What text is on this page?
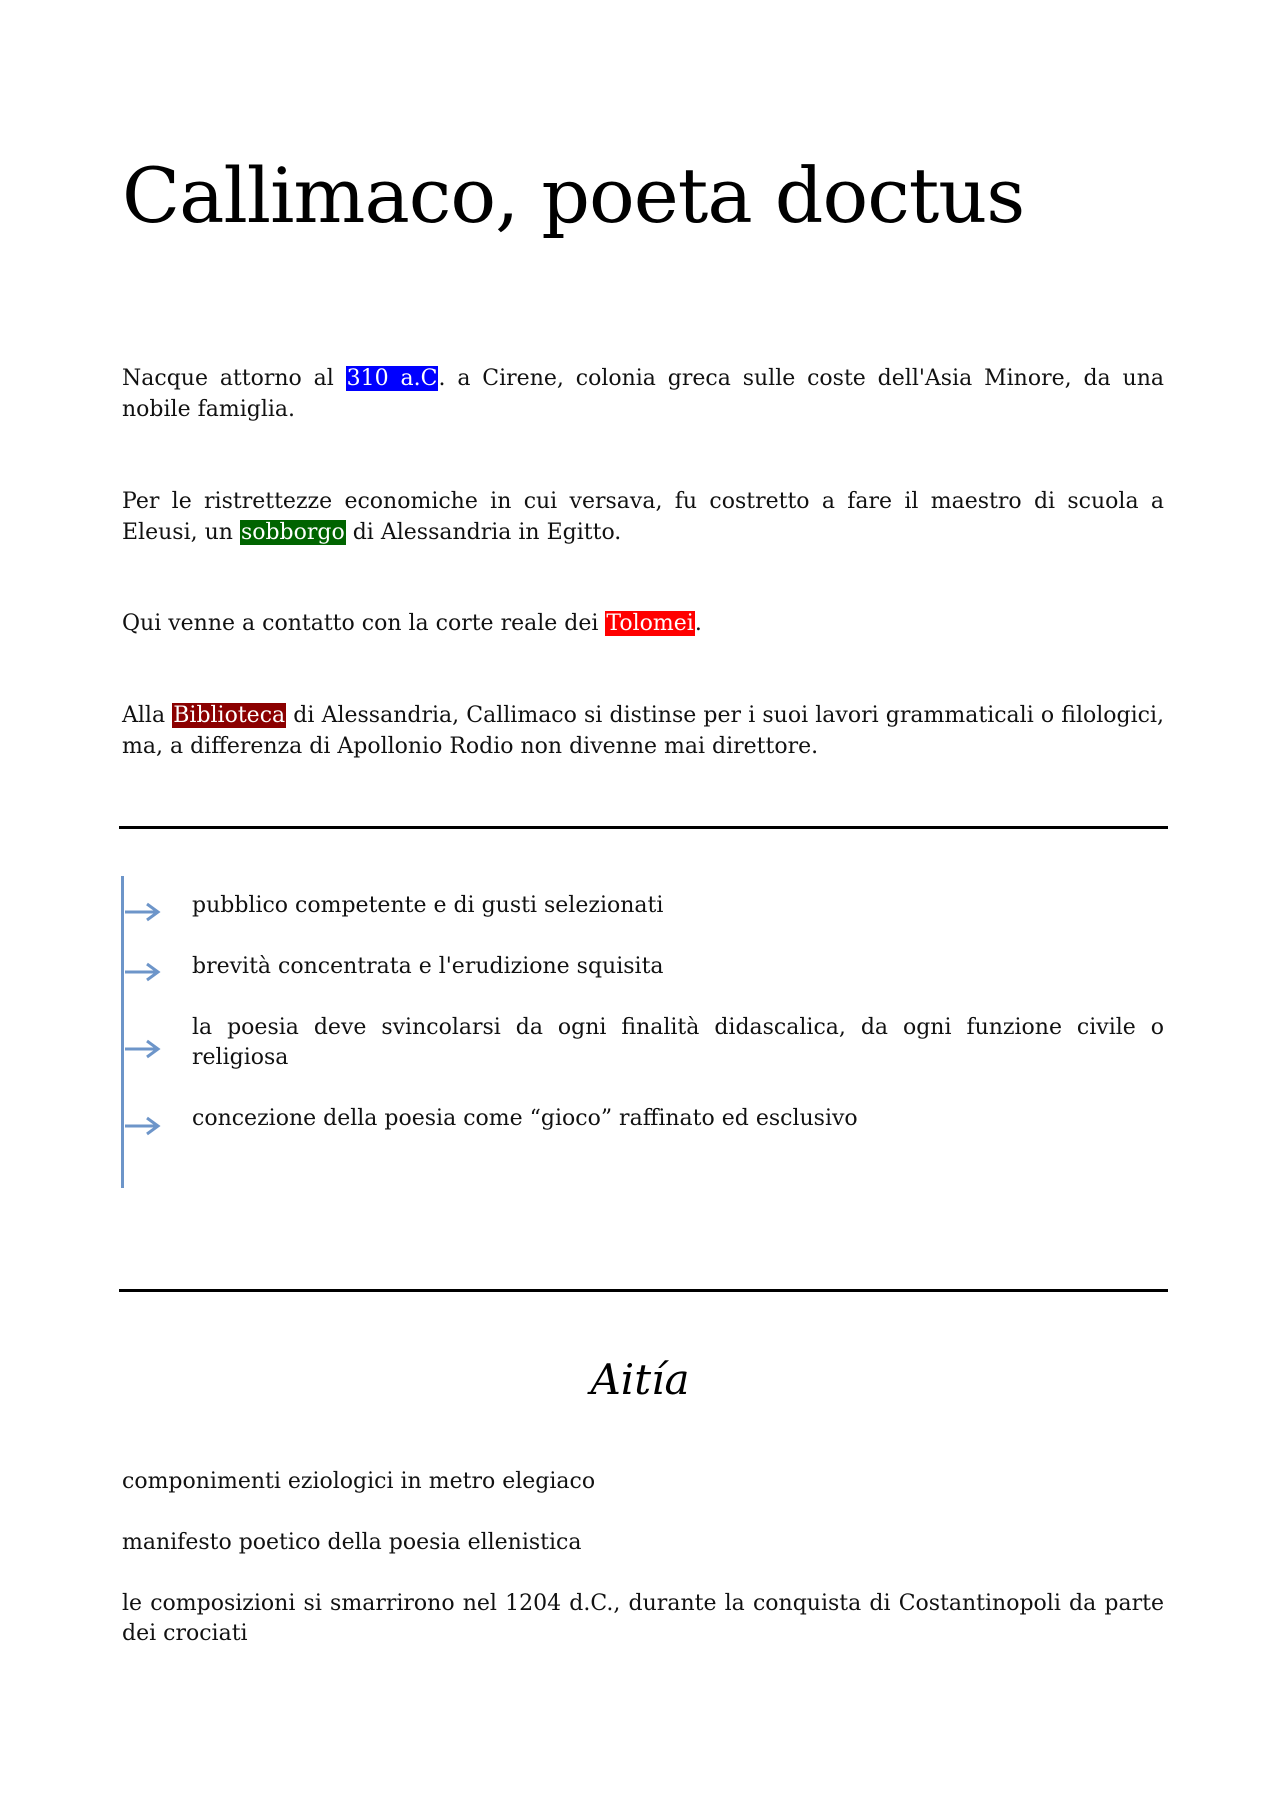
Callimaco, poeta doctus

Nacque attorno al 310 a.C. a Cirene, colonia greca sulle coste dell'Asia Minore, da una nobile famiglia.

Per le ristrettezze economiche in cui versava, fu costretto a fare il maestro di scuola a Eleusi, un sobborgo di Alessandria in Egitto.

Qui venne a contatto con la corte reale dei Tolomei.

Alla Biblioteca di Alessandria, Callimaco si distinse per i suoi lavori grammaticali o filologici, ma, a differenza di Apollonio Rodio non divenne mai direttore.

pubblico competente e di gusti selezionati

brevità concentrata e l'erudizione squisita

la poesia deve svincolarsi da ogni finalità didascalica, da ogni funzione civile o religiosa

concezione della poesia come “gioco” raffinato ed esclusivo

Aitía

componimenti eziologici in metro elegiaco

manifesto poetico della poesia ellenistica

le composizioni si smarrirono nel 1204 d.C., durante la conquista di Costantinopoli da parte dei crociati
